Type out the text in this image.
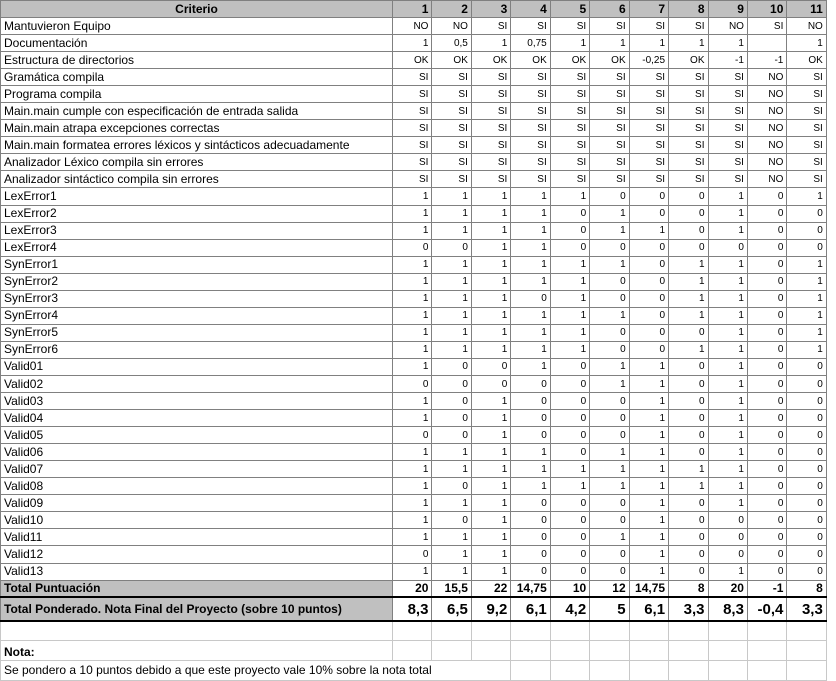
Criterio	1	2	3	4	5	6	7	8	9	10	11
Mantuvieron Equipo	NO	NO	SI	SI	SI	SI	SI	SI	NO	SI	NO
Documentación	1	0,5	1	0,75	1	1	1	1	1		1
Estructura de directorios	OK	OK	OK	OK	OK	OK	-0,25	OK	-1	-1	OK
Gramática compila	SI	SI	SI	SI	SI	SI	SI	SI	SI	NO	SI
Programa compila	SI	SI	SI	SI	SI	SI	SI	SI	SI	NO	SI
Main.main cumple con especificación de entrada salida	SI	SI	SI	SI	SI	SI	SI	SI	SI	NO	SI
Main.main atrapa excepciones correctas	SI	SI	SI	SI	SI	SI	SI	SI	SI	NO	SI
Main.main formatea errores léxicos y sintácticos adecuadamente	SI	SI	SI	SI	SI	SI	SI	SI	SI	NO	SI
Analizador Léxico compila sin errores	SI	SI	SI	SI	SI	SI	SI	SI	SI	NO	SI
Analizador sintáctico compila sin errores	SI	SI	SI	SI	SI	SI	SI	SI	SI	NO	SI
LexError1	1	1	1	1	1	0	0	0	1	0	1
LexError2	1	1	1	1	0	1	0	0	1	0	0
LexError3	1	1	1	1	0	1	1	0	1	0	0
LexError4	0	0	1	1	0	0	0	0	0	0	0
SynError1	1	1	1	1	1	1	0	1	1	0	1
SynError2	1	1	1	1	1	0	0	1	1	0	1
SynError3	1	1	1	0	1	0	0	1	1	0	1
SynError4	1	1	1	1	1	1	0	1	1	0	1
SynError5	1	1	1	1	1	0	0	0	1	0	1
SynError6	1	1	1	1	1	0	0	1	1	0	1
Valid01	1	0	0	1	0	1	1	0	1	0	0
Valid02	0	0	0	0	0	1	1	0	1	0	0
Valid03	1	0	1	0	0	0	1	0	1	0	0
Valid04	1	0	1	0	0	0	1	0	1	0	0
Valid05	0	0	1	0	0	0	1	0	1	0	0
Valid06	1	1	1	1	0	1	1	0	1	0	0
Valid07	1	1	1	1	1	1	1	1	1	0	0
Valid08	1	0	1	1	1	1	1	1	1	0	0
Valid09	1	1	1	0	0	0	1	0	1	0	0
Valid10	1	0	1	0	0	0	1	0	0	0	0
Valid11	1	1	1	0	0	1	1	0	0	0	0
Valid12	0	1	1	0	0	0	1	0	0	0	0
Valid13	1	1	1	0	0	0	1	0	1	0	0
Total Puntuación	20	15,5	22	14,75	10	12	14,75	8	20	-1	8
Total Ponderado. Nota Final del Proyecto (sobre 10 puntos)	8,3	6,5	9,2	6,1	4,2	5	6,1	3,3	8,3	-0,4	3,3

Nota:											
Se pondero a 10 puntos debido a que este proyecto vale 10% sobre la nota total											
